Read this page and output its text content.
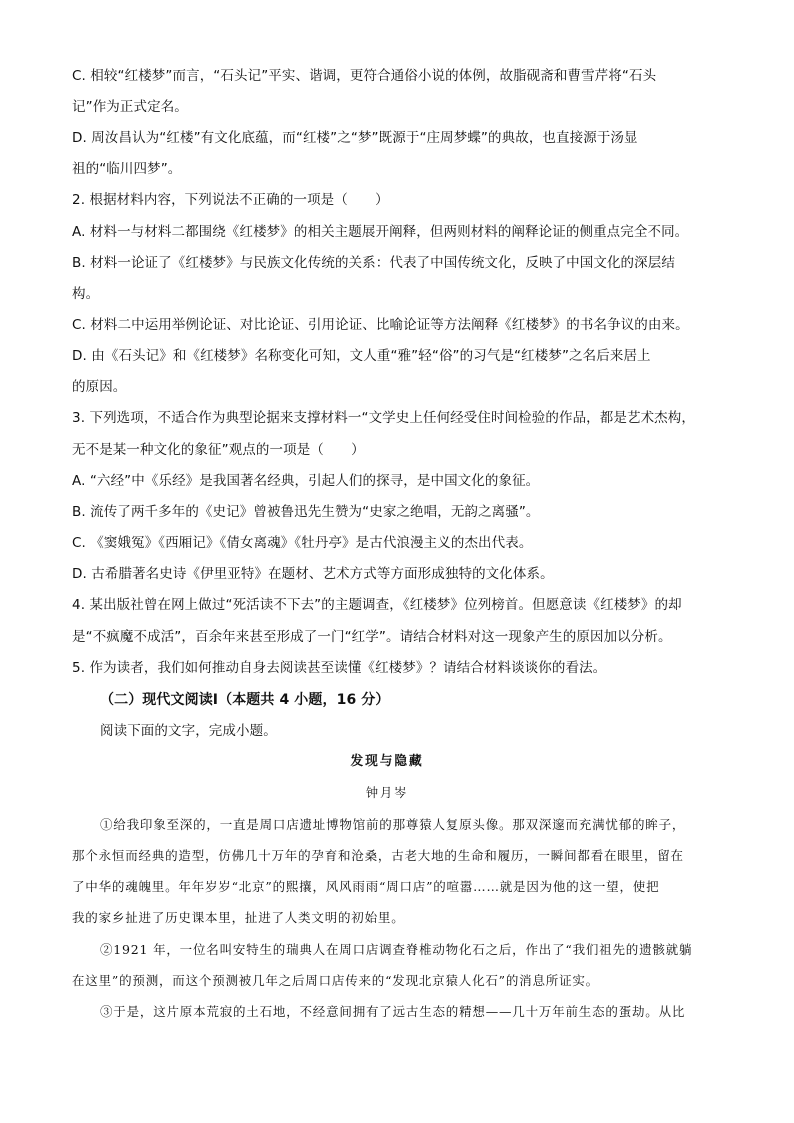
C. 相较“红楼梦”而言，“石头记”平实、谐调，更符合通俗小说的体例，故脂砚斋和曹雪芹将“石头
记”作为正式定名。
D. 周汝昌认为“红楼”有文化底蕴，而“红楼”之“梦”既源于“庄周梦蝶”的典故，也直接源于汤显
祖的“临川四梦”。
2. 根据材料内容，下列说法不正确的一项是（　　）
A. 材料一与材料二都围绕《红楼梦》的相关主题展开阐释，但两则材料的阐释论证的侧重点完全不同。
B. 材料一论证了《红楼梦》与民族文化传统的关系：代表了中国传统文化，反映了中国文化的深层结
构。
C. 材料二中运用举例论证、对比论证、引用论证、比喻论证等方法阐释《红楼梦》的书名争议的由来。
D. 由《石头记》和《红楼梦》名称变化可知，文人重“雅”轻“俗”的习气是“红楼梦”之名后来居上
的原因。
3. 下列选项，不适合作为典型论据来支撑材料一“文学史上任何经受住时间检验的作品，都是艺术杰构，
无不是某一种文化的象征”观点的一项是（　　）
A. “六经”中《乐经》是我国著名经典，引起人们的探寻，是中国文化的象征。
B. 流传了两千多年的《史记》曾被鲁迅先生赞为“史家之绝唱，无韵之离骚”。
C. 《窦娥冤》《西厢记》《倩女离魂》《牡丹亭》是古代浪漫主义的杰出代表。
D. 古希腊著名史诗《伊里亚特》在题材、艺术方式等方面形成独特的文化体系。
4. 某出版社曾在网上做过“死活读不下去”的主题调查，《红楼梦》位列榜首。但愿意读《红楼梦》的却
是“不疯魔不成活”，百余年来甚至形成了一门“红学”。请结合材料对这一现象产生的原因加以分析。
5. 作为读者，我们如何推动自身去阅读甚至读懂《红楼梦》？请结合材料谈谈你的看法。
（二）现代文阅读Ⅰ（本题共 4 小题，16 分）
阅读下面的文字，完成小题。
发现与隐藏
钟月岑
①给我印象至深的，一直是周口店遗址博物馆前的那尊猿人复原头像。那双深邃而充满忧郁的眸子，
那个永恒而经典的造型，仿佛几十万年的孕育和沧桑，古老大地的生命和履历，一瞬间都看在眼里，留在
了中华的魂魄里。年年岁岁“北京”的熙攘，风风雨雨“周口店”的喧嚣……就是因为他的这一望，使把
我的家乡扯进了历史课本里，扯进了人类文明的初始里。
②1921 年，一位名叫安特生的瑞典人在周口店调查脊椎动物化石之后，作出了“我们祖先的遗骸就躺
在这里”的预测，而这个预测被几年之后周口店传来的“发现北京猿人化石”的消息所证实。
③于是，这片原本荒寂的土石地，不经意间拥有了远古生态的精想——几十万年前生态的蛋劫。从比
